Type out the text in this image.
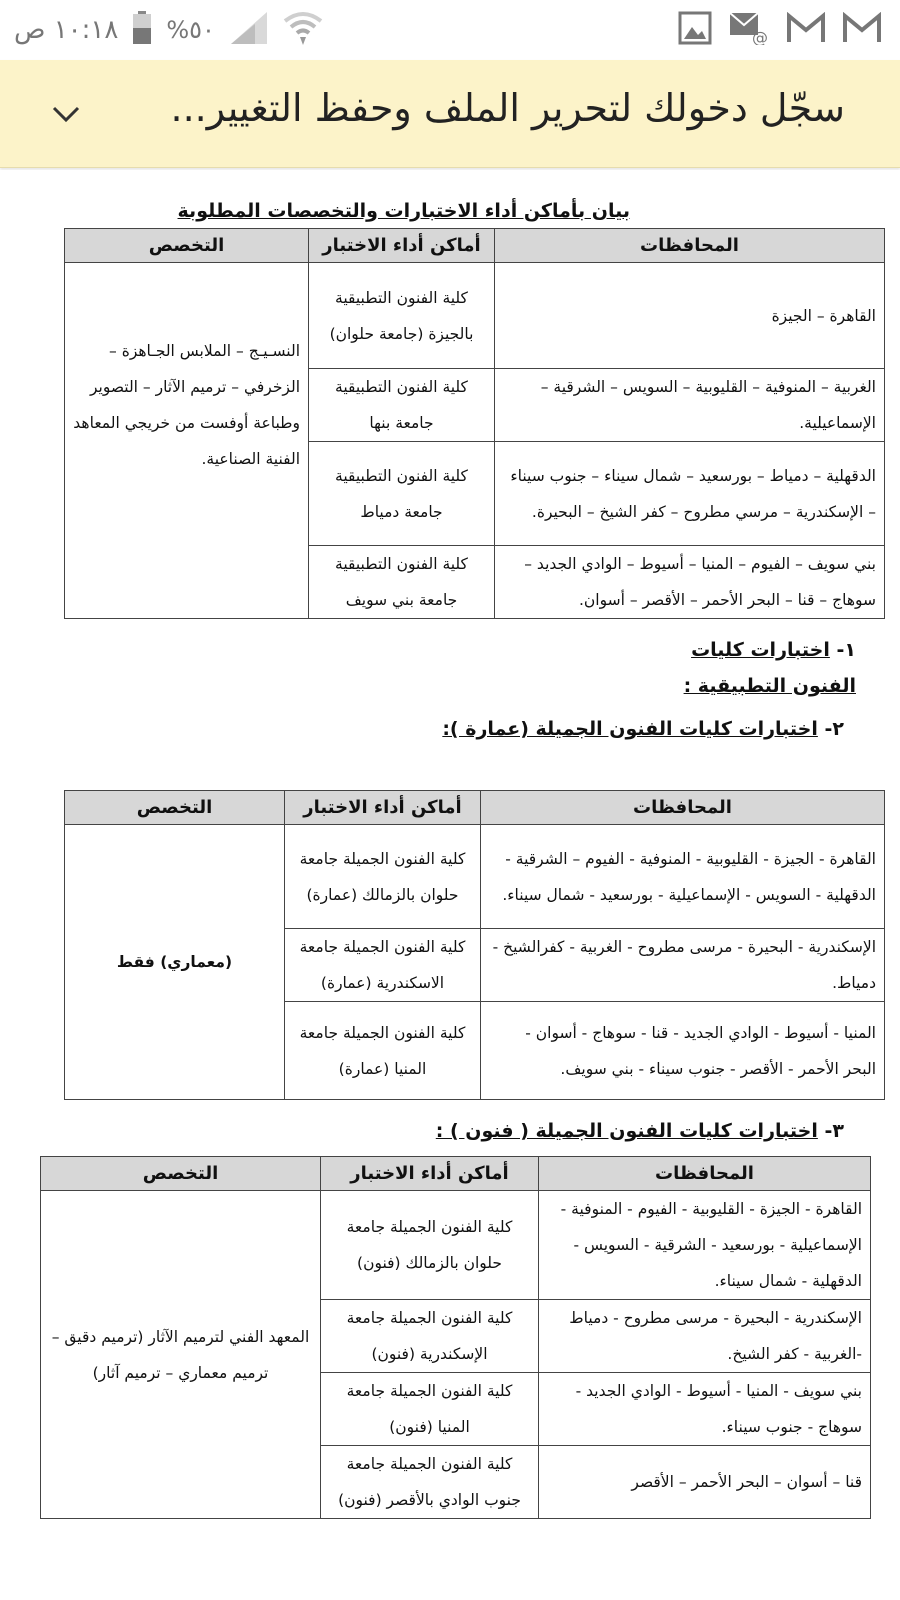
١٠:١٨ ص %٥٠	@
سجّل دخولك لتحرير الملف وحفظ التغيير...
بيان بأماكن أداء الاختبارات والتخصصات المطلوبة
المحافظات	أماكن أداء الاختبار	التخصص
القاهرة – الجيزة	كلية الفنون التطبيقية بالجيزة (جامعة حلوان)	النسـيـج – الملابس الجـاهزة – الزخرفي – ترميم الآثار – التصوير وطباعة أوفست من خريجي المعاهد الفنية الصناعية.
الغربية – المنوفية – القليوبية – السويس – الشرقية – الإسماعيلية.	كلية الفنون التطبيقية جامعة بنها	
الدقهلية – دمياط – بورسعيد – شمال سيناء – جنوب سيناء – الإسكندرية – مرسي مطروح – كفر الشيخ – البحيرة.	كلية الفنون التطبيقية جامعة دمياط	
بني سويف – الفيوم – المنيا – أسيوط – الوادي الجديد – سوهاج – قنا – البحر الأحمر – الأقصر – أسوان.	كلية الفنون التطبيقية جامعة بني سويف	
١- اختبارات كليات الفنون التطبيقية :
٢- اختبارات كليات الفنون الجميلة (عمارة ):
المحافظات	أماكن أداء الاختبار	التخصص
القاهرة - الجيزة - القليوبية - المنوفية - الفيوم – الشرقية - الدقهلية - السويس - الإسماعيلية - بورسعيد - شمال سيناء.	كلية الفنون الجميلة جامعة حلوان بالزمالك (عمارة)	(معماري) فقط
الإسكندرية - البحيرة - مرسى مطروح - الغربية - كفرالشيخ - دمياط.	كلية الفنون الجميلة جامعة الاسكندرية (عمارة)	
المنيا - أسيوط - الوادي الجديد - قنا - سوهاج - أسوان - البحر الأحمر - الأقصر - جنوب سيناء - بني سويف.	كلية الفنون الجميلة جامعة المنيا (عمارة)	
٣- اختبارات كليات الفنون الجميلة ( فنون ) :
المحافظات	أماكن أداء الاختبار	التخصص
القاهرة - الجيزة - القليوبية - الفيوم - المنوفية - الإسماعيلية - بورسعيد - الشرقية - السويس - الدقهلية - شمال سيناء.	كلية الفنون الجميلة جامعة حلوان بالزمالك (فنون)	المعهد الفني لترميم الآثار (ترميم دقيق – ترميم معماري – ترميم آثار)
الإسكندرية - البحيرة - مرسى مطروح - دمياط -الغربية - كفر الشيخ.	كلية الفنون الجميلة جامعة الإسكندرية (فنون)	
بني سويف - المنيا - أسيوط - الوادي الجديد - سوهاج - جنوب سيناء.	كلية الفنون الجميلة جامعة المنيا (فنون)	
قنا – أسوان – البحر الأحمر – الأقصر	كلية الفنون الجميلة جامعة جنوب الوادي بالأقصر (فنون)	
